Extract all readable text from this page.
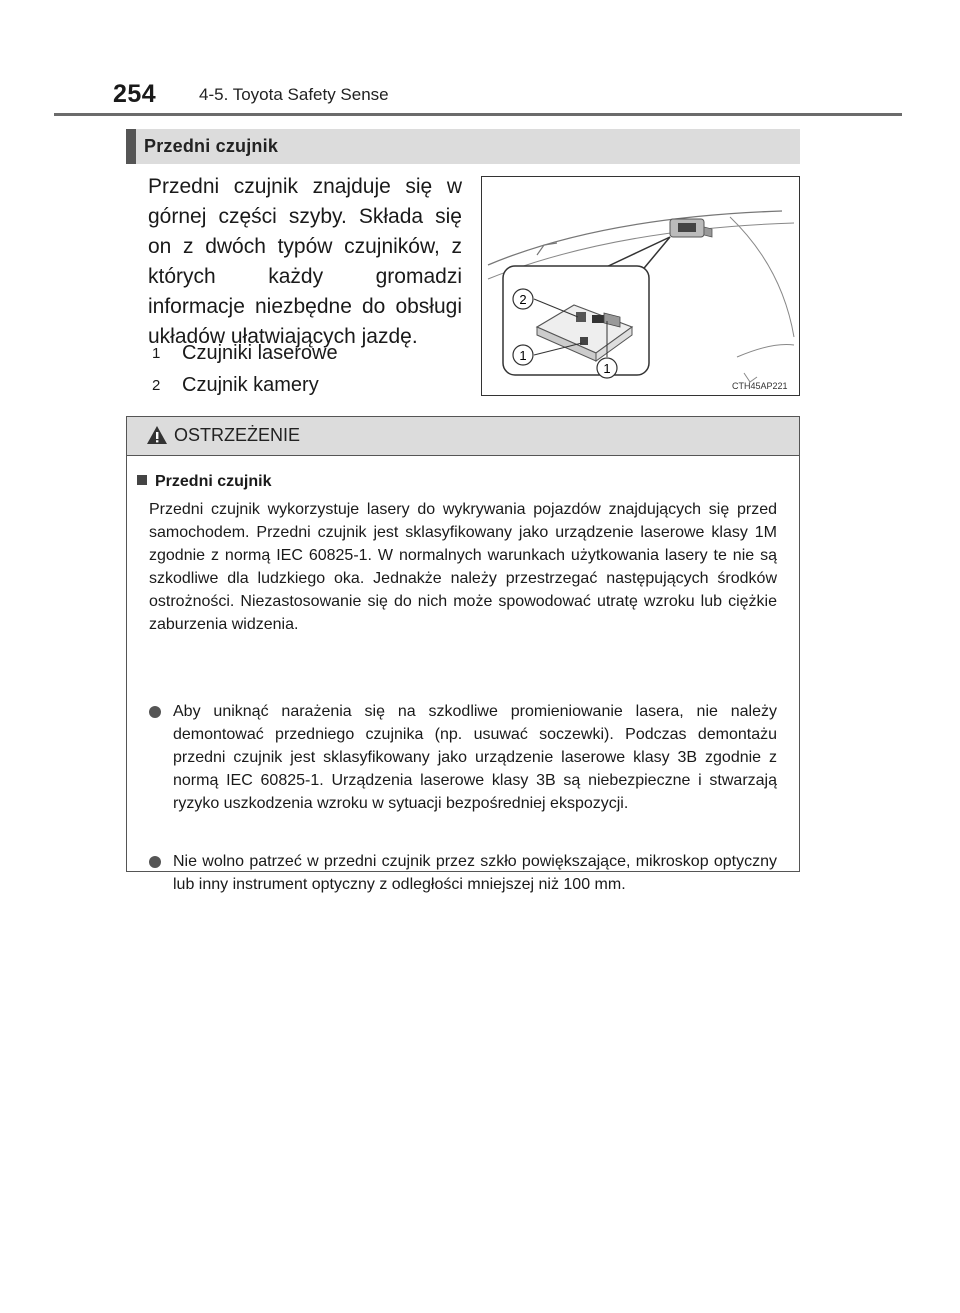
254	4-5. Toyota Safety Sense
Przedni czujnik

Przedni czujnik znajduje się w górnej części szyby. Składa się on z dwóch typów czujników, z których każdy gromadzi informacje niezbędne do obsługi układów ułatwiających jazdę.

1 Czujniki laserowe
2 Czujnik kamery
2
1
1
CTH45AP221
OSTRZEŻENIE
Przedni czujnik

Przedni czujnik wykorzystuje lasery do wykrywania pojazdów znajdujących się przed samochodem. Przedni czujnik jest sklasyfikowany jako urządzenie laserowe klasy 1M zgodnie z normą IEC 60825-1. W normalnych warunkach użytkowania lasery te nie są szkodliwe dla ludzkiego oka. Jednakże należy przestrzegać następujących środków ostrożności. Niezastosowanie się do nich może spowodować utratę wzroku lub ciężkie zaburzenia widzenia.

Aby uniknąć narażenia się na szkodliwe promieniowanie lasera, nie należy demontować przedniego czujnika (np. usuwać soczewki). Podczas demontażu przedni czujnik jest sklasyfikowany jako urządzenie laserowe klasy 3B zgodnie z normą IEC 60825-1. Urządzenia laserowe klasy 3B są niebezpieczne i stwarzają ryzyko uszkodzenia wzroku w sytuacji bezpośredniej ekspozycji.

Nie wolno patrzeć w przedni czujnik przez szkło powiększające, mikroskop optyczny lub inny instrument optyczny z odległości mniejszej niż 100 mm.
